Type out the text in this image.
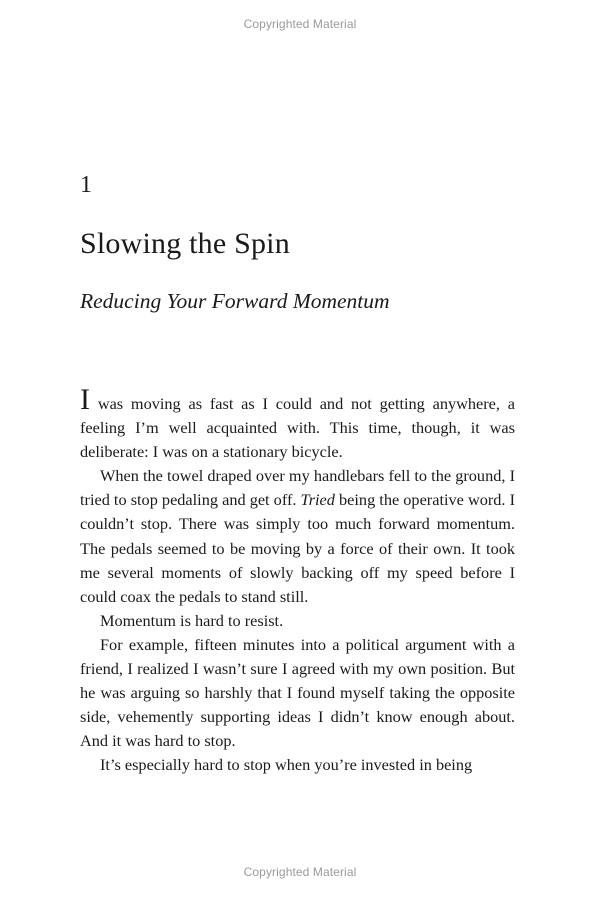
Copyrighted Material
1
Slowing the Spin
Reducing Your Forward Momentum

I was moving as fast as I could and not getting anywhere, a feeling I’m well acquainted with. This time, though, it was deliberate: I was on a stationary bicycle.

When the towel draped over my handlebars fell to the ground, I tried to stop pedaling and get off. Tried being the operative word. I couldn’t stop. There was simply too much forward momentum. The pedals seemed to be moving by a force of their own. It took me several moments of slowly backing off my speed before I could coax the pedals to stand still.

Momentum is hard to resist.

For example, fifteen minutes into a political argument with a friend, I realized I wasn’t sure I agreed with my own position. But he was arguing so harshly that I found myself taking the opposite side, vehemently supporting ideas I didn’t know enough about. And it was hard to stop.

It’s especially hard to stop when you’re invested in being

Copyrighted Material
